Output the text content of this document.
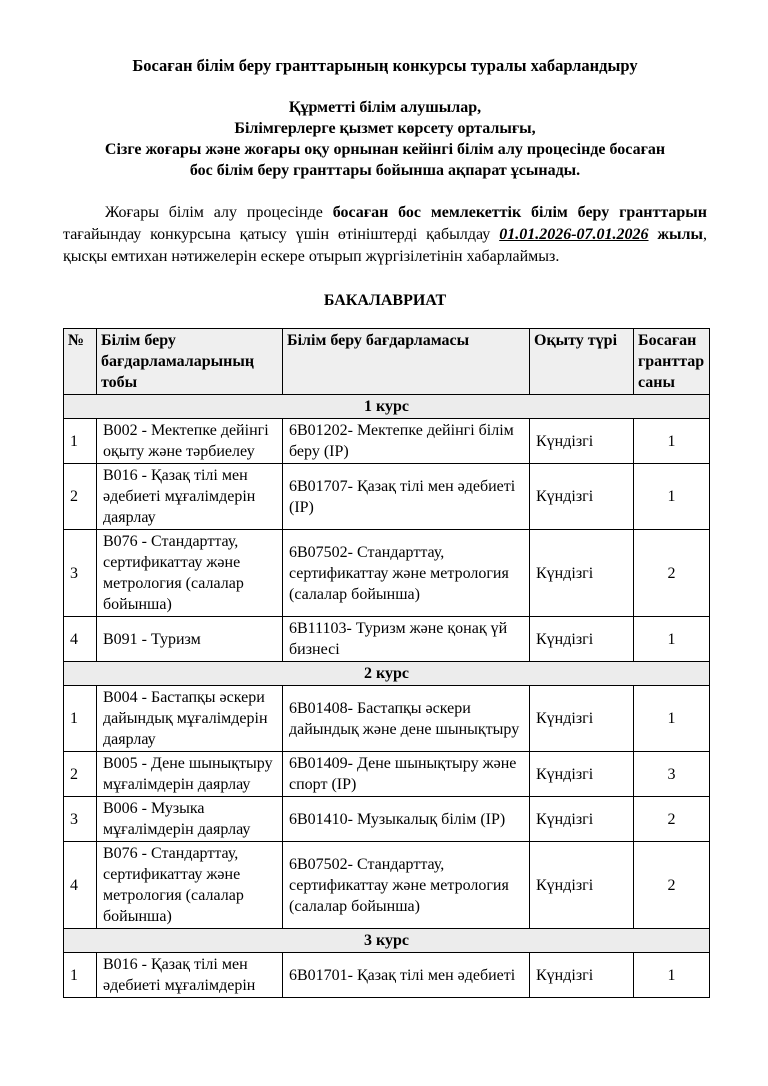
Босаған білім беру гранттарының конкурсы туралы хабарландыру

Құрметті білім алушылар,
Білімгерлерге қызмет көрсету орталығы,
Сізге жоғары және жоғары оқу орнынан кейінгі білім алу процесінде босаған
бос білім беру гранттары бойынша ақпарат ұсынады.

Жоғары білім алу процесінде босаған бос мемлекеттік білім беру гранттарын тағайындау конкурсына қатысу үшін өтініштерді қабылдау 01.01.2026-07.01.2026 жылы, қысқы емтихан нәтижелерін ескере отырып жүргізілетінін хабарлаймыз.

БАКАЛАВРИАТ

№	Білім беру бағдарламаларының тобы	Білім беру бағдарламасы	Оқыту түрі	Босаған гранттар саны
1 курс				
1	B002 - Мектепке дейінгі оқыту және тәрбиелеу	6B01202- Мектепке дейінгі білім беру (IP)	Күндізгі	1
2	B016 - Қазақ тілі мен әдебиеті мұғалімдерін даярлау	6B01707- Қазақ тілі мен әдебиеті (IP)	Күндізгі	1
3	B076 - Стандарттау, сертификаттау және метрология (салалар бойынша)	6B07502- Стандарттау, сертификаттау және метрология (салалар бойынша)	Күндізгі	2
4	B091 - Туризм	6B11103- Туризм және қонақ үй бизнесі	Күндізгі	1
2 курс				
1	B004 - Бастапқы әскери дайындық мұғалімдерін даярлау	6B01408- Бастапқы әскери дайындық және дене шынықтыру	Күндізгі	1
2	B005 - Дене шынықтыру мұғалімдерін даярлау	6B01409- Дене шынықтыру және спорт (IP)	Күндізгі	3
3	B006 - Музыка мұғалімдерін даярлау	6B01410- Музыкалық білім (IP)	Күндізгі	2
4	B076 - Стандарттау, сертификаттау және метрология (салалар бойынша)	6B07502- Стандарттау, сертификаттау және метрология (салалар бойынша)	Күндізгі	2
3 курс				
1	B016 - Қазақ тілі мен әдебиеті мұғалімдерін	6B01701- Қазақ тілі мен әдебиеті	Күндізгі	1
